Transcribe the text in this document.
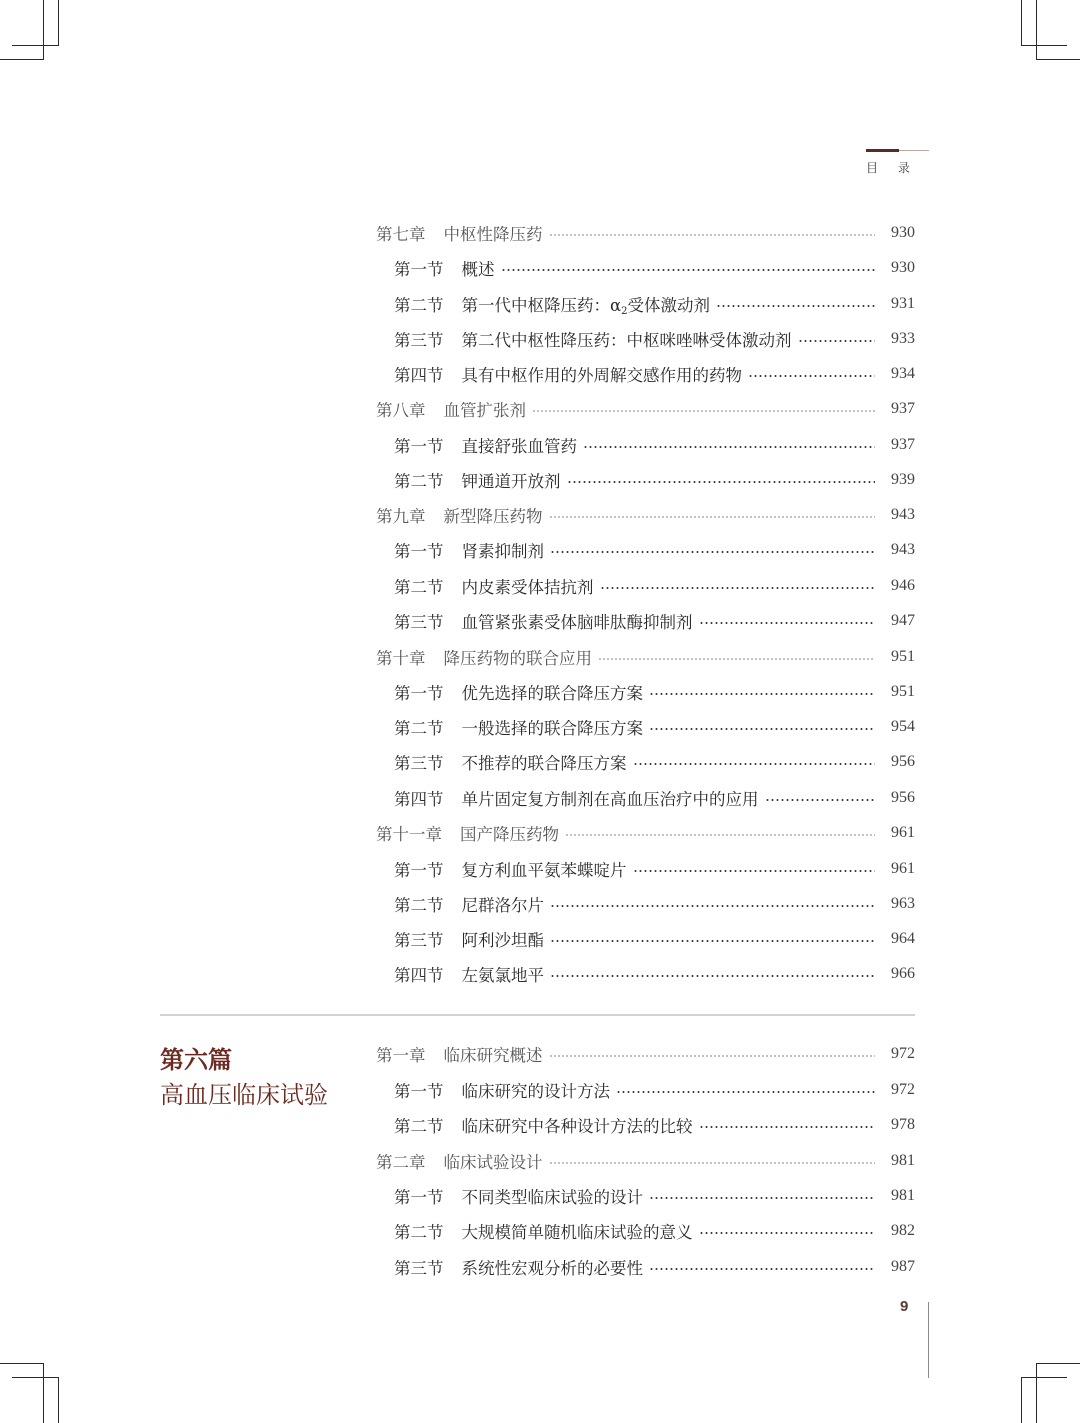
目 录
第七章 中枢性降压药	930
第一节 概述	930
第二节 第一代中枢降压药：$\alpha_2$受体激动剂	931
第三节 第二代中枢性降压药：中枢咪唑啉受体激动剂	933
第四节 具有中枢作用的外周解交感作用的药物	934
第八章 血管扩张剂	937
第一节 直接舒张血管药	937
第二节 钾通道开放剂	939
第九章 新型降压药物	943
第一节 肾素抑制剂	943
第二节 内皮素受体拮抗剂	946
第三节 血管紧张素受体脑啡肽酶抑制剂	947
第十章 降压药物的联合应用	951
第一节 优先选择的联合降压方案	951
第二节 一般选择的联合降压方案	954
第三节 不推荐的联合降压方案	956
第四节 单片固定复方制剂在高血压治疗中的应用	956
第十一章 国产降压药物	961
第一节 复方利血平氨苯蝶啶片	961
第二节 尼群洛尔片	963
第三节 阿利沙坦酯	964
第四节 左氨氯地平	966
第六篇
高血压临床试验
第一章 临床研究概述	972
第一节 临床研究的设计方法	972
第二节 临床研究中各种设计方法的比较	978
第二章 临床试验设计	981
第一节 不同类型临床试验的设计	981
第二节 大规模简单随机临床试验的意义	982
第三节 系统性宏观分析的必要性	987
9
